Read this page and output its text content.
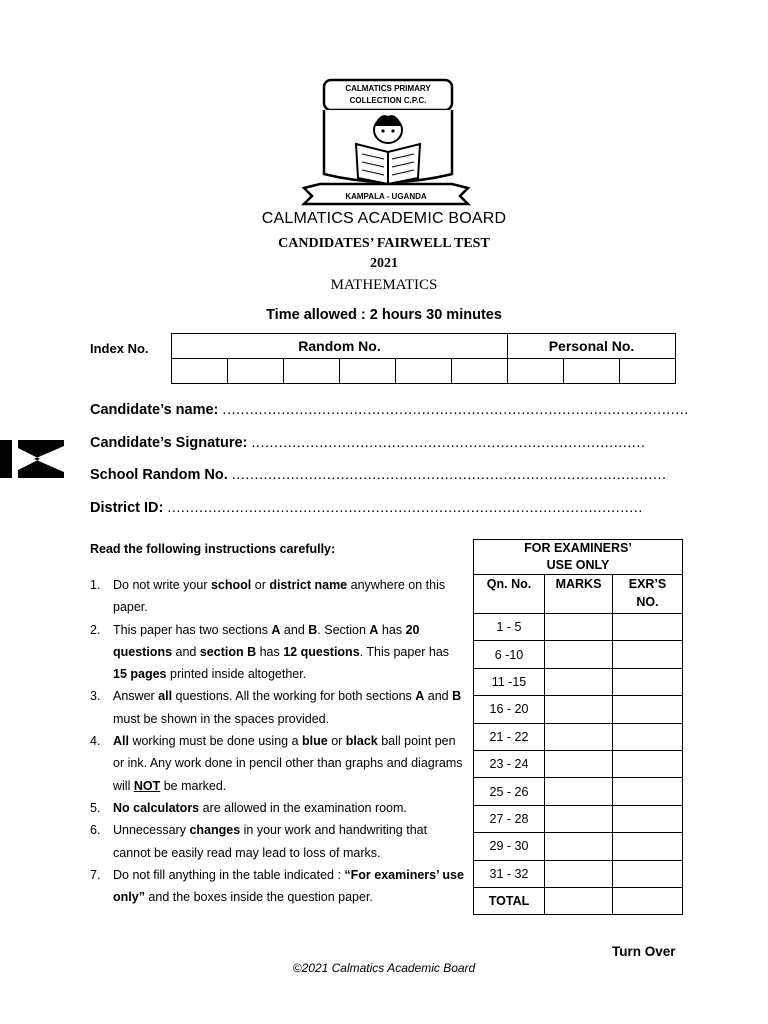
CALMATICS PRIMARY
COLLECTION C.P.C.
KAMPALA - UGANDA
CALMATICS ACADEMIC BOARD
CANDIDATES’ FAIRWELL TEST
2021
MATHEMATICS
Time allowed : 2 hours 30 minutes
Index No.	Random No.						Personal No.		

Candidate’s name: .......................................................................................................
Candidate’s Signature: .......................................................................................
School Random No. ................................................................................................
District ID: .........................................................................................................
Read the following instructions carefully:
1. Do not write your school or district name anywhere on this paper.
2. This paper has two sections A and B. Section A has 20 questions and section B has 12 questions. This paper has 15 pages printed inside altogether.
3. Answer all questions. All the working for both sections A and B must be shown in the spaces provided.
4. All working must be done using a blue or black ball point pen or ink. Any work done in pencil other than graphs and diagrams will NOT be marked.
5. No calculators are allowed in the examination room.
6. Unnecessary changes in your work and handwriting that cannot be easily read may lead to loss of marks.
7. Do not fill anything in the table indicated : “For examiners’ use only” and the boxes inside the question paper.
FOR EXAMINERS’
USE ONLY		
Qn. No.	MARKS	EXR’S
NO.
1 - 5		
6 -10		
11 -15		
16 - 20		
21 - 22		
23 - 24		
25 - 26		
27 - 28		
29 - 30		
31 - 32		
TOTAL		
Turn Over
©2021 Calmatics Academic Board
